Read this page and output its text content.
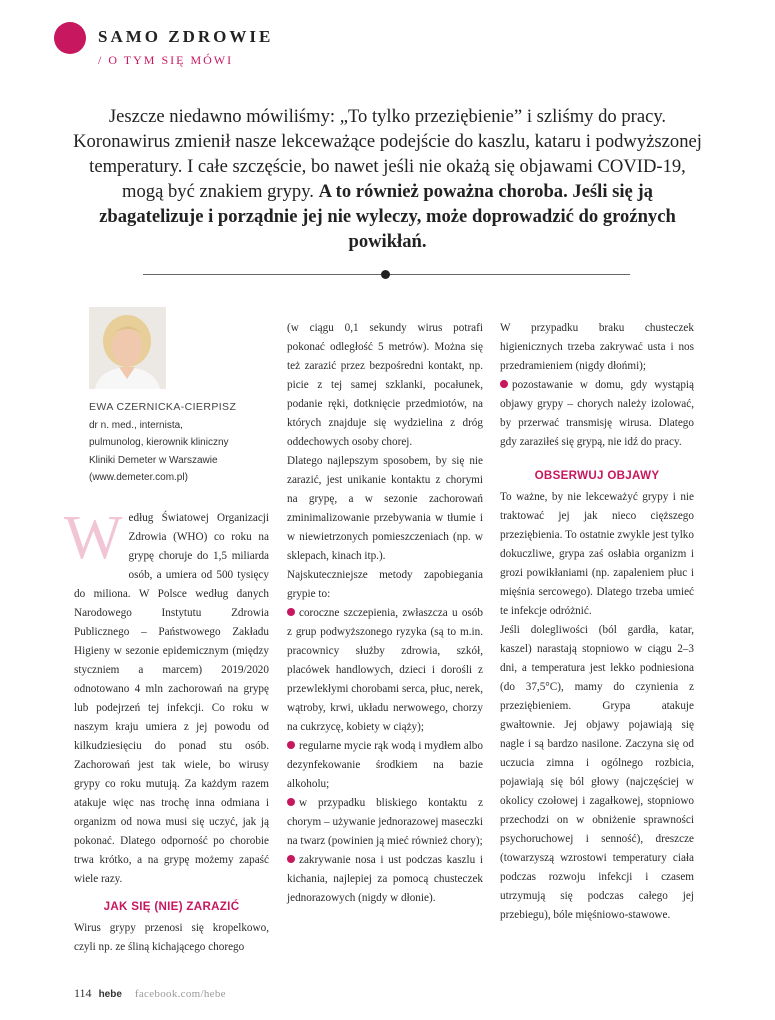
SAMO ZDROWIE
/ O TYM SIĘ MÓWI
Jeszcze niedawno mówiliśmy: „To tylko przeziębienie” i szliśmy do pracy. Koronawirus zmienił nasze lekceważące podejście do kaszlu, kataru i podwyższonej temperatury. I całe szczęście, bo nawet jeśli nie okażą się objawami COVID-19, mogą być znakiem grypy. A to również poważna choroba. Jeśli się ją zbagatelizuje i porządnie jej nie wyleczy, może doprowadzić do groźnych powikłań.
EWA CZERNICKA-CIERPISZ
dr n. med., internista,
pulmunolog, kierownik kliniczny
Kliniki Demeter w Warszawie
(www.demeter.com.pl)
W edług Światowej Organizacji Zdrowia (WHO) co roku na grypę choruje do 1,5 miliarda osób, a umiera od 500 tysięcy do miliona. W Polsce według danych Narodowego Instytutu Zdrowia Publicznego – Państwowego Zakładu Higieny w sezonie epidemicznym (między styczniem a marcem) 2019/2020 odnotowano 4 mln zachorowań na grypę lub podejrzeń tej infekcji. Co roku w naszym kraju umiera z jej powodu od kilkudziesięciu do ponad stu osób. Zachorowań jest tak wiele, bo wirusy grypy co roku mutują. Za każdym razem atakuje więc nas trochę inna odmiana i organizm od nowa musi się uczyć, jak ją pokonać. Dlatego odporność po chorobie trwa krótko, a na grypę możemy zapaść wiele razy.

JAK SIĘ (NIE) ZARAZIĆ

Wirus grypy przenosi się kropelkowo, czyli np. ze śliną kichającego chorego

(w ciągu 0,1 sekundy wirus potrafi pokonać odległość 5 metrów). Można się też zarazić przez bezpośredni kontakt, np. picie z tej samej szklanki, pocałunek, podanie ręki, dotknięcie przedmiotów, na których znajduje się wydzielina z dróg oddechowych osoby chorej.

Dlatego najlepszym sposobem, by się nie zarazić, jest unikanie kontaktu z chorymi na grypę, a w sezonie zachorowań zminimalizowanie przebywania w tłumie i w niewietrzonych pomieszczeniach (np. w sklepach, kinach itp.).

Najskuteczniejsze metody zapobiegania grypie to:

coroczne szczepienia, zwłaszcza u osób z grup podwyższonego ryzyka (są to m.in. pracownicy służby zdrowia, szkół, placówek handlowych, dzieci i dorośli z przewlekłymi chorobami serca, płuc, nerek, wątroby, krwi, układu nerwowego, chorzy na cukrzycę, kobiety w ciąży);

regularne mycie rąk wodą i mydłem albo dezynfekowanie środkiem na bazie alkoholu;

w przypadku bliskiego kontaktu z chorym – używanie jednorazowej maseczki na twarz (powinien ją mieć również chory);

zakrywanie nosa i ust podczas kaszlu i kichania, najlepiej za pomocą chusteczek jednorazowych (nigdy w dłonie).

W przypadku braku chusteczek higienicznych trzeba zakrywać usta i nos przedramieniem (nigdy dłońmi);

pozostawanie w domu, gdy wystąpią objawy grypy – chorych należy izolować, by przerwać transmisję wirusa. Dlatego gdy zaraziłeś się grypą, nie idź do pracy.

OBSERWUJ OBJAWY

To ważne, by nie lekceważyć grypy i nie traktować jej jak nieco cięższego przeziębienia. To ostatnie zwykle jest tylko dokuczliwe, grypa zaś osłabia organizm i grozi powikłaniami (np. zapaleniem płuc i mięśnia sercowego). Dlatego trzeba umieć te infekcje odróżnić.

Jeśli dolegliwości (ból gardła, katar, kaszel) narastają stopniowo w ciągu 2–3 dni, a temperatura jest lekko podniesiona (do 37,5°C), mamy do czynienia z przeziębieniem. Grypa atakuje gwałtownie. Jej objawy pojawiają się nagle i są bardzo nasilone. Zaczyna się od uczucia zimna i ogólnego rozbicia, pojawiają się ból głowy (najczęściej w okolicy czołowej i zagałkowej, stopniowo przechodzi on w obniżenie sprawności psychoruchowej i senność), dreszcze (towarzyszą wzrostowi temperatury ciała podczas rozwoju infekcji i czasem utrzymują się podczas całego jej przebiegu), bóle mięśniowo-stawowe.

114 hebe facebook.com/hebe
